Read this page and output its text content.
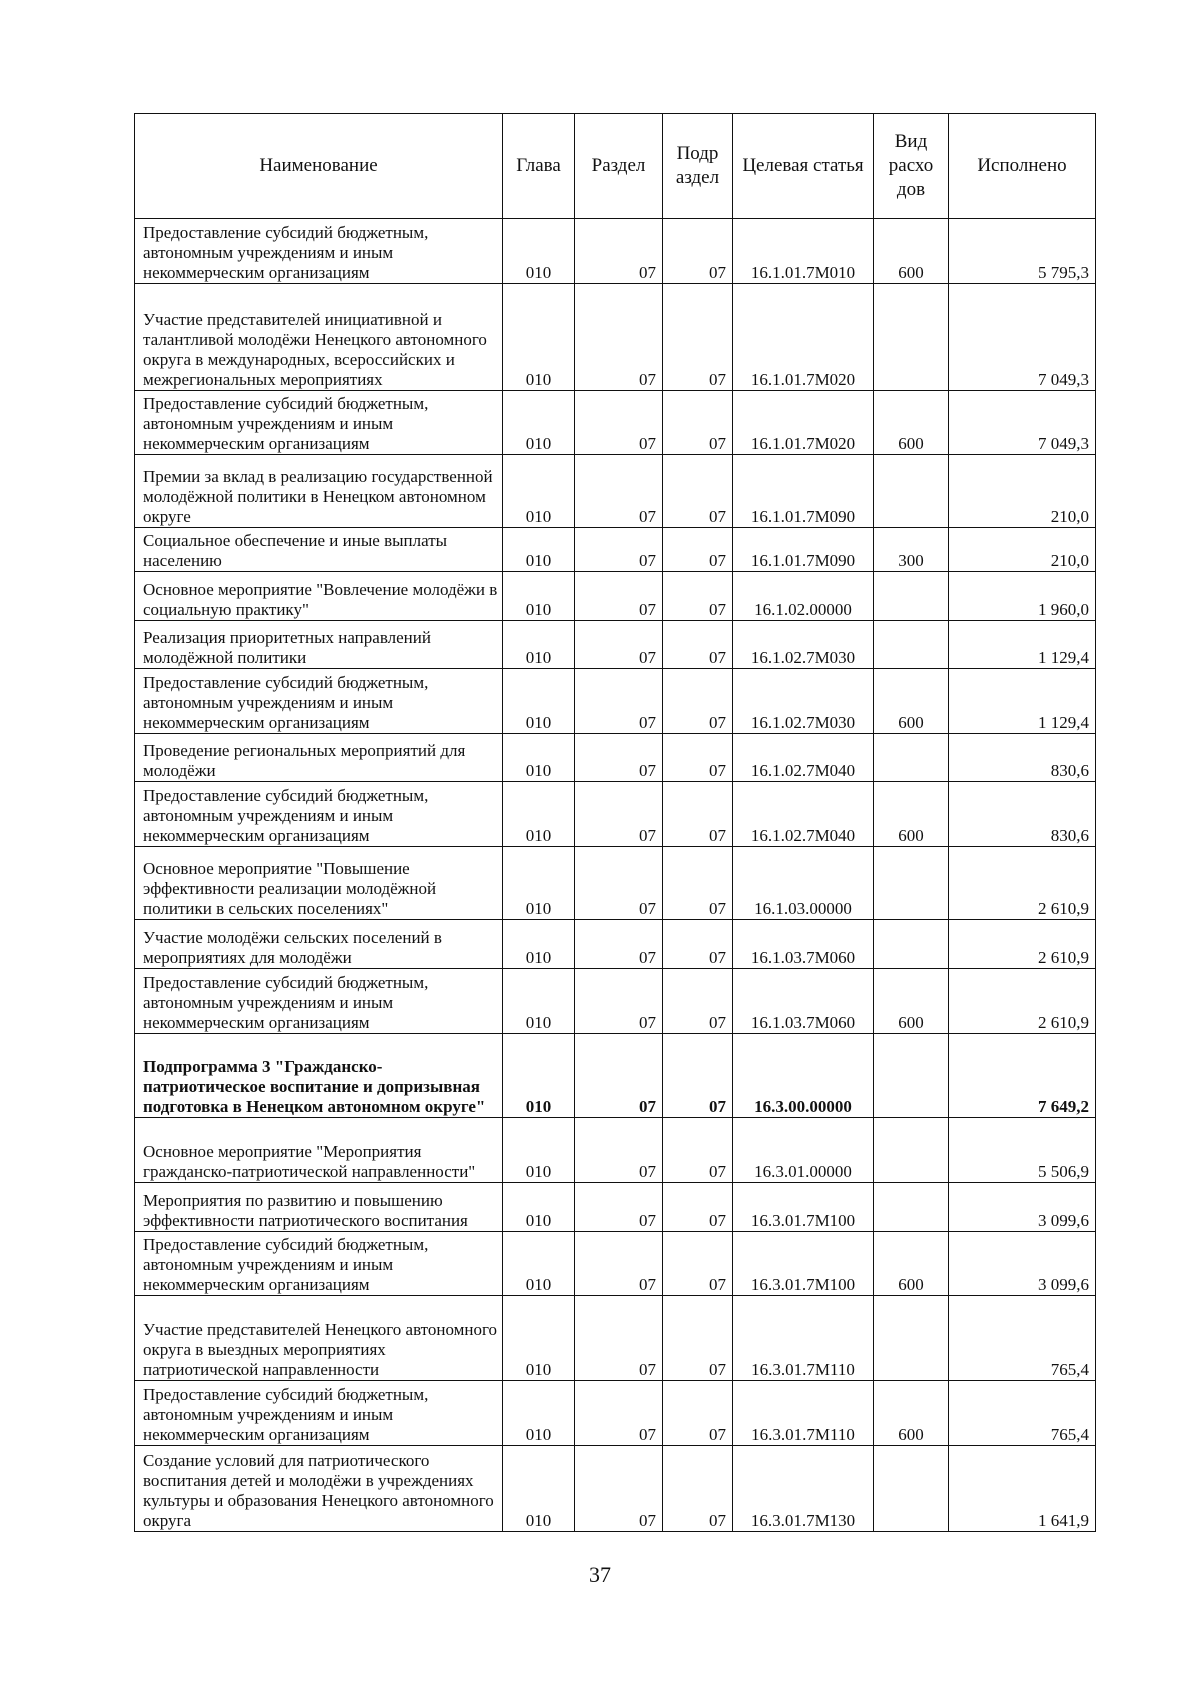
Наименование	Глава	Раздел	Подр аздел	Целевая статья	Вид расхо дов	Исполнено
Предоставление субсидий бюджетным, автономным учреждениям и иным некоммерческим организациям	010	07	07	16.1.01.7М010	600	5 795,3
Участие представителей инициативной и талантливой молодёжи Ненецкого автономного округа в международных, всероссийских и межрегиональных мероприятиях	010	07	07	16.1.01.7М020		7 049,3
Предоставление субсидий бюджетным, автономным учреждениям и иным некоммерческим организациям	010	07	07	16.1.01.7М020	600	7 049,3
Премии за вклад в реализацию государственной молодёжной политики в Ненецком автономном округе	010	07	07	16.1.01.7М090		210,0
Социальное обеспечение и иные выплаты населению	010	07	07	16.1.01.7М090	300	210,0
Основное мероприятие "Вовлечение молодёжи в социальную практику"	010	07	07	16.1.02.00000		1 960,0
Реализация приоритетных направлений молодёжной политики	010	07	07	16.1.02.7М030		1 129,4
Предоставление субсидий бюджетным, автономным учреждениям и иным некоммерческим организациям	010	07	07	16.1.02.7М030	600	1 129,4
Проведение региональных мероприятий для молодёжи	010	07	07	16.1.02.7М040		830,6
Предоставление субсидий бюджетным, автономным учреждениям и иным некоммерческим организациям	010	07	07	16.1.02.7М040	600	830,6
Основное мероприятие "Повышение эффективности реализации молодёжной политики в сельских поселениях"	010	07	07	16.1.03.00000		2 610,9
Участие молодёжи сельских поселений в мероприятиях для молодёжи	010	07	07	16.1.03.7М060		2 610,9
Предоставление субсидий бюджетным, автономным учреждениям и иным некоммерческим организациям	010	07	07	16.1.03.7М060	600	2 610,9
Подпрограмма 3 "Гражданско-патриотическое воспитание и допризывная подготовка в Ненецком автономном округе"	010	07	07	16.3.00.00000		7 649,2
Основное мероприятие "Мероприятия гражданско-патриотической направленности"	010	07	07	16.3.01.00000		5 506,9
Мероприятия по развитию и повышению эффективности патриотического воспитания	010	07	07	16.3.01.7М100		3 099,6
Предоставление субсидий бюджетным, автономным учреждениям и иным некоммерческим организациям	010	07	07	16.3.01.7М100	600	3 099,6
Участие представителей Ненецкого автономного округа в выездных мероприятиях патриотической направленности	010	07	07	16.3.01.7М110		765,4
Предоставление субсидий бюджетным, автономным учреждениям и иным некоммерческим организациям	010	07	07	16.3.01.7М110	600	765,4
Создание условий для патриотического воспитания детей и молодёжи в учреждениях культуры и образования Ненецкого автономного округа	010	07	07	16.3.01.7М130		1 641,9
37
